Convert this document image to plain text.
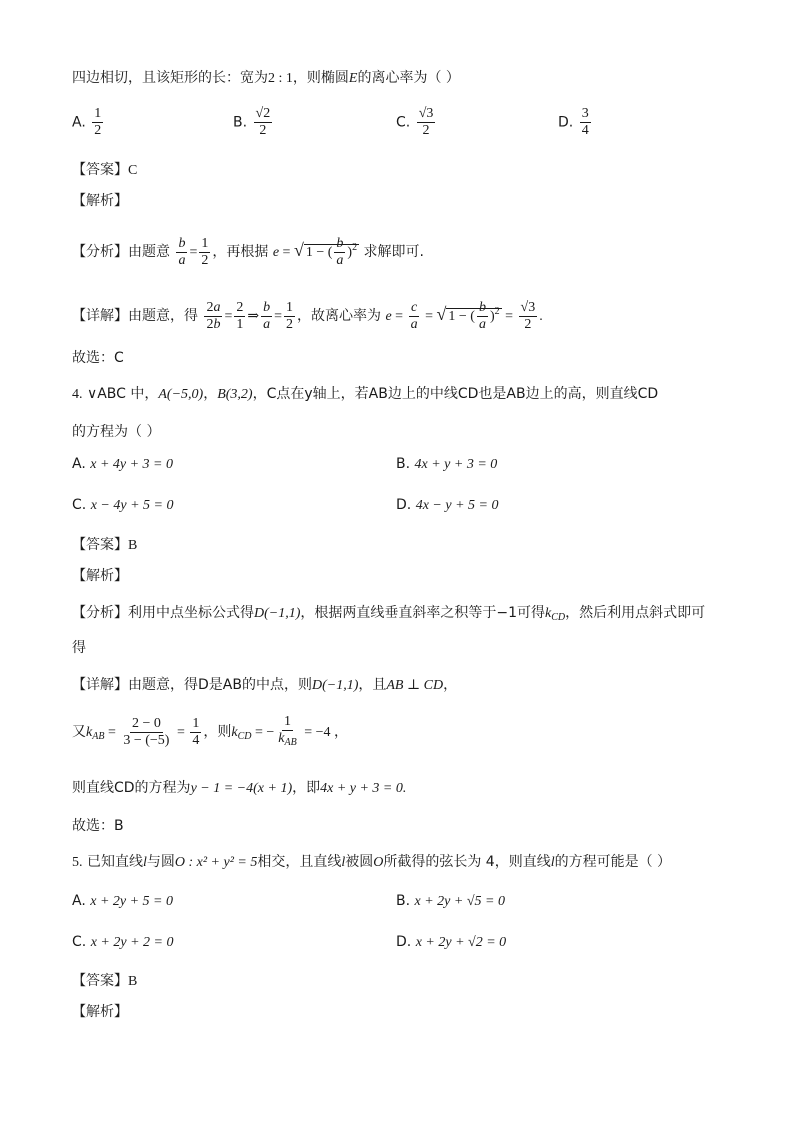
四边相切，且该矩形的长：宽为2 : 1，则椭圆E的离心率为（ ）
A. $\frac{1}{2}$	B. $\frac{√2}{2}$	C. $\frac{√3}{2}$	D. $\frac{3}{4}$
【答案】C
【解析】
【分析】由题意 $\frac{b}{a} = \frac{1}{2}$ ，再根据 e = √ 1 − ( $\frac{b}{a} )^2$ 求解即可.
【详解】由题意，得 $\frac{2a}{2b} = \frac{2}{1}$ ⇒ $\frac{b}{a} = \frac{1}{2}$ ，故离心率为 $e = \frac{c}{a}$ = √ 1 − ( $\frac{b}{a} )^2 = \frac{√3}{2}$ .
故选：C
4. ∨ABC 中，A(−5,0)，B(3,2)，C点在y轴上，若AB边上的中线CD也是AB边上的高，则直线CD
的方程为（ ）
A. x + 4y + 3 = 0	B. 4x + y + 3 = 0
C. x − 4y + 5 = 0	D. 4x − y + 5 = 0
【答案】B
【解析】
【分析】利用中点坐标公式得D(−1,1)，根据两直线垂直斜率之积等于−1可得$k_{CD}$，然后利用点斜式即可
得
【详解】由题意，得D是AB的中点，则D(−1,1)，且AB ⊥ CD，
又$k_{AB} = \frac{2 - 0}{3 - (-5)} = \frac{1}{4}$ ，则$k_{CD}$ = − $\frac{1}{k_{AB}} = -4$ ，
则直线CD的方程为y − 1 = −4(x + 1)，即4x + y + 3 = 0.
故选：B
5. 已知直线l与圆O : x² + y² = 5相交，且直线l被圆O所截得的弦长为 4，则直线l的方程可能是（ ）
A. x + 2y + 5 = 0	B. x + 2y + √5 = 0
C. x + 2y + 2 = 0	D. x + 2y + √2 = 0
【答案】B
【解析】
